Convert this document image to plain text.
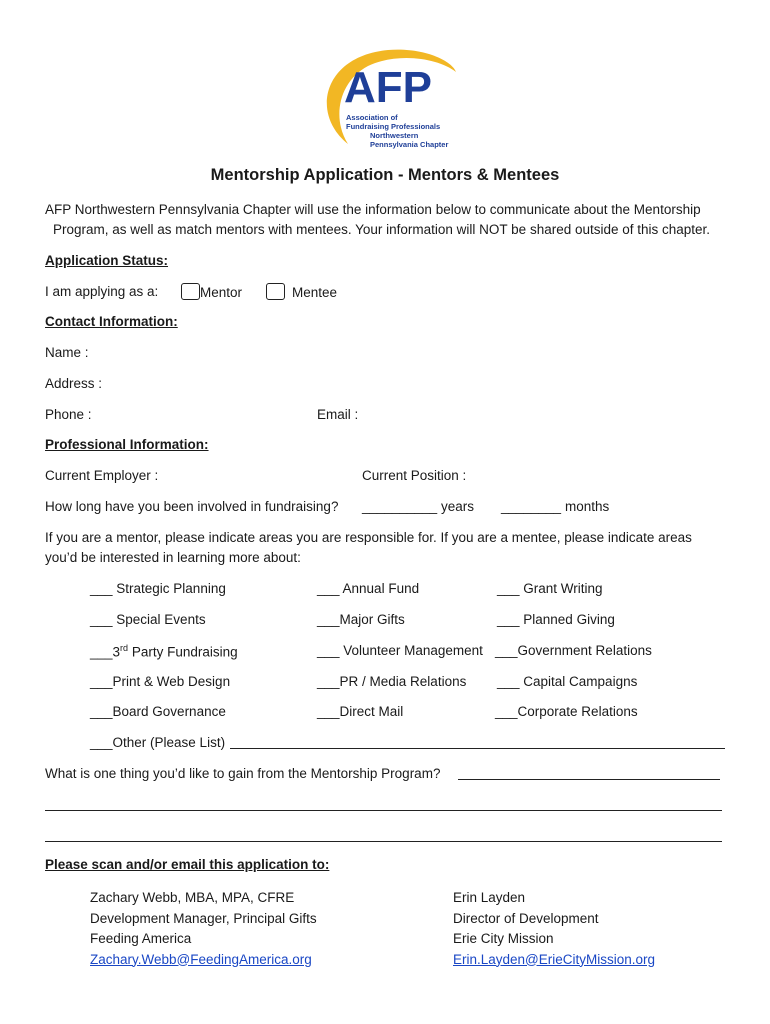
AFP
Association of
Fundraising Professionals
Northwestern
Pennsylvania Chapter
Mentorship Application - Mentors & Mentees

AFP Northwestern Pennsylvania Chapter will use the information below to communicate about the Mentorship

Program, as well as match mentors with mentees. Your information will NOT be shared outside of this chapter.

Application Status:
I am applying as a:	Mentor	Mentee
Contact Information:
Name :
Address :
Phone :	Email :
Professional Information:
Current Employer :	Current Position :
How long have you been involved in fundraising? __________ years ________ months

If you are a mentor, please indicate areas you are responsible for. If you are a mentee, please indicate areas

you’d be interested in learning more about:

___ Strategic Planning	___ Annual Fund	___ Grant Writing
___ Special Events	___Major Gifts	___ Planned Giving
___3rd Party Fundraising	___ Volunteer Management ___Government Relations
___Print & Web Design	___PR / Media Relations ___ Capital Campaigns
___Board Governance	___Direct Mail	___Corporate Relations
___Other (Please List)
What is one thing you’d like to gain from the Mentorship Program?
Please scan and/or email this application to:
Zachary Webb, MBA, MPA, CFRE
Development Manager, Principal Gifts
Feeding America
Zachary.Webb@FeedingAmerica.org
Erin Layden
Director of Development
Erie City Mission
Erin.Layden@ErieCityMission.org
